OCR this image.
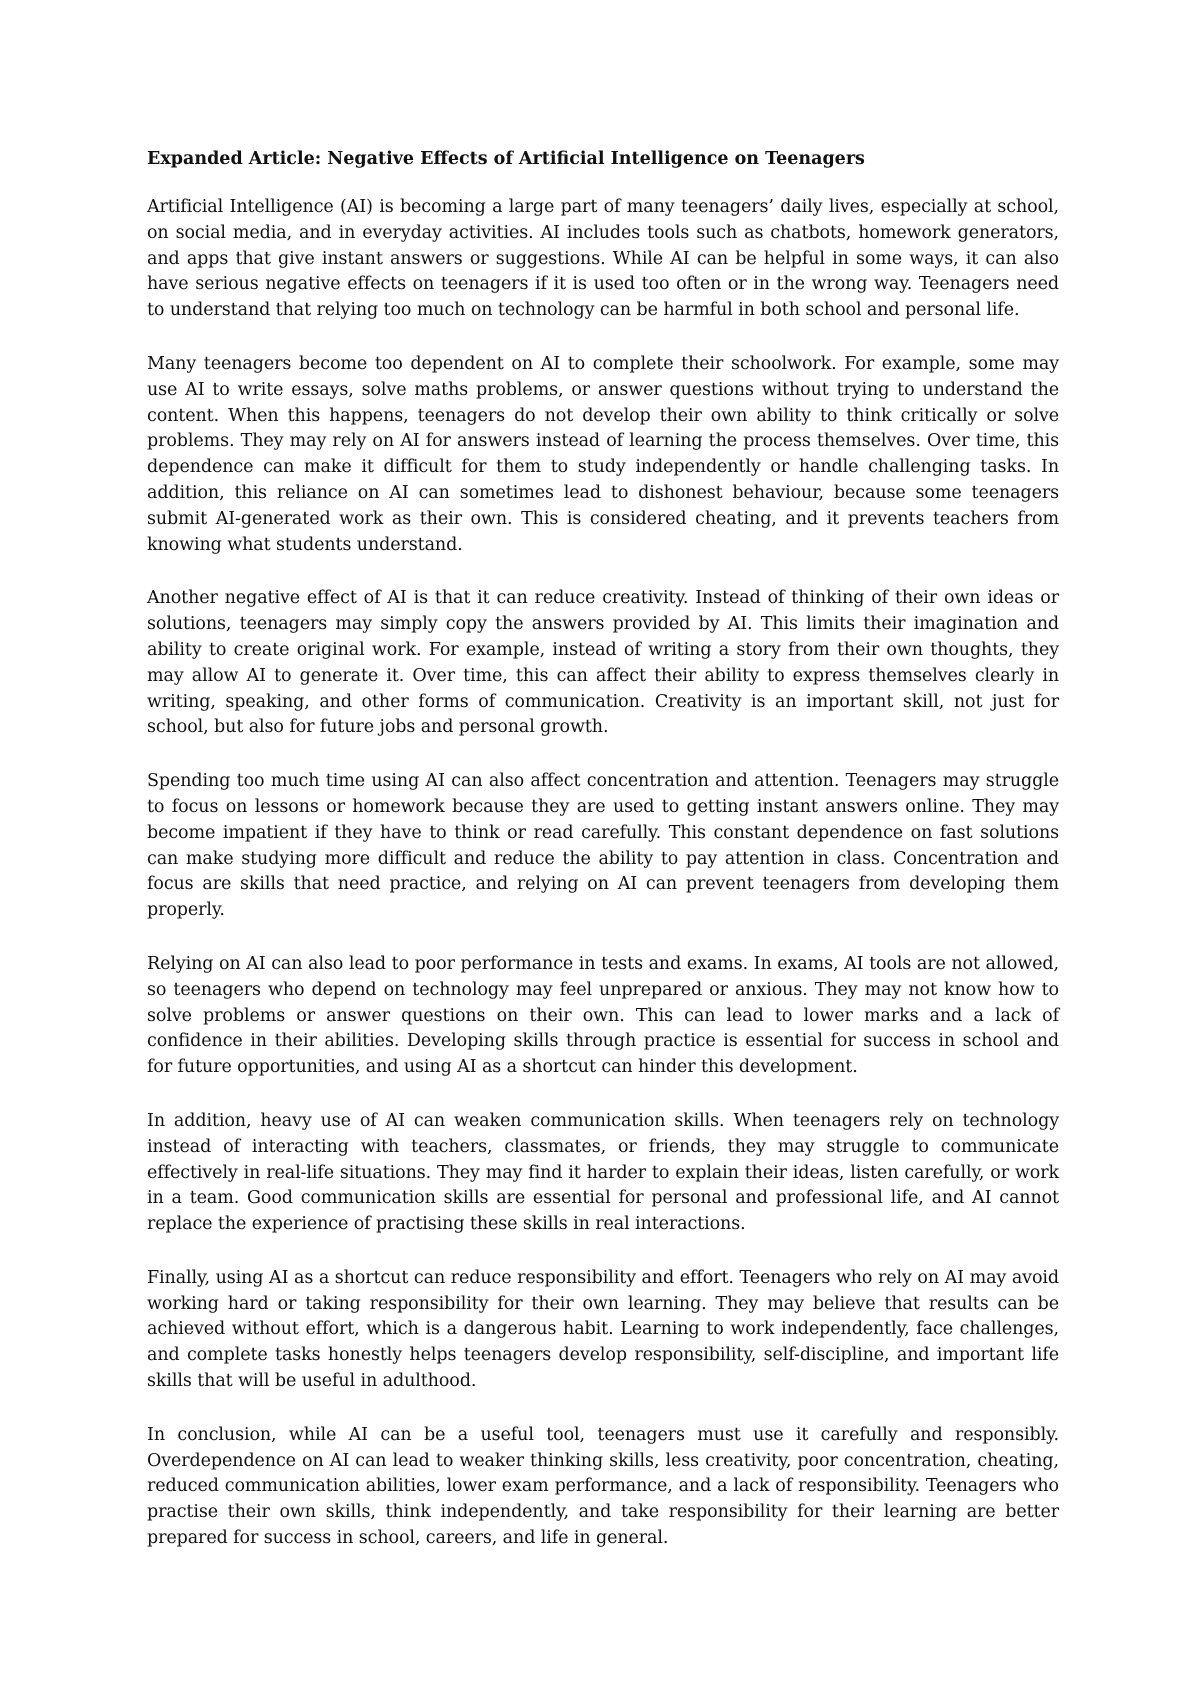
Expanded Article: Negative Effects of Artificial Intelligence on Teenagers

Artificial Intelligence (AI) is becoming a large part of many teenagers’ daily lives, especially at school, on social media, and in everyday activities. AI includes tools such as chatbots, homework generators, and apps that give instant answers or suggestions. While AI can be helpful in some ways, it can also have serious negative effects on teenagers if it is used too often or in the wrong way. Teenagers need to understand that relying too much on technology can be harmful in both school and personal life.

Many teenagers become too dependent on AI to complete their schoolwork. For example, some may use AI to write essays, solve maths problems, or answer questions without trying to understand the content. When this happens, teenagers do not develop their own ability to think critically or solve problems. They may rely on AI for answers instead of learning the process themselves. Over time, this dependence can make it difficult for them to study independently or handle challenging tasks. In addition, this reliance on AI can sometimes lead to dishonest behaviour, because some teenagers submit AI-generated work as their own. This is considered cheating, and it prevents teachers from knowing what students understand.

Another negative effect of AI is that it can reduce creativity. Instead of thinking of their own ideas or solutions, teenagers may simply copy the answers provided by AI. This limits their imagination and ability to create original work. For example, instead of writing a story from their own thoughts, they may allow AI to generate it. Over time, this can affect their ability to express themselves clearly in writing, speaking, and other forms of communication. Creativity is an important skill, not just for school, but also for future jobs and personal growth.

Spending too much time using AI can also affect concentration and attention. Teenagers may struggle to focus on lessons or homework because they are used to getting instant answers online. They may become impatient if they have to think or read carefully. This constant dependence on fast solutions can make studying more difficult and reduce the ability to pay attention in class. Concentration and focus are skills that need practice, and relying on AI can prevent teenagers from developing them properly.

Relying on AI can also lead to poor performance in tests and exams. In exams, AI tools are not allowed, so teenagers who depend on technology may feel unprepared or anxious. They may not know how to solve problems or answer questions on their own. This can lead to lower marks and a lack of confidence in their abilities. Developing skills through practice is essential for success in school and for future opportunities, and using AI as a shortcut can hinder this development.

In addition, heavy use of AI can weaken communication skills. When teenagers rely on technology instead of interacting with teachers, classmates, or friends, they may struggle to communicate effectively in real-life situations. They may find it harder to explain their ideas, listen carefully, or work in a team. Good communication skills are essential for personal and professional life, and AI cannot replace the experience of practising these skills in real interactions.

Finally, using AI as a shortcut can reduce responsibility and effort. Teenagers who rely on AI may avoid working hard or taking responsibility for their own learning. They may believe that results can be achieved without effort, which is a dangerous habit. Learning to work independently, face challenges, and complete tasks honestly helps teenagers develop responsibility, self-discipline, and important life skills that will be useful in adulthood.

In conclusion, while AI can be a useful tool, teenagers must use it carefully and responsibly. Overdependence on AI can lead to weaker thinking skills, less creativity, poor concentration, cheating, reduced communication abilities, lower exam performance, and a lack of responsibility. Teenagers who practise their own skills, think independently, and take responsibility for their learning are better prepared for success in school, careers, and life in general.
